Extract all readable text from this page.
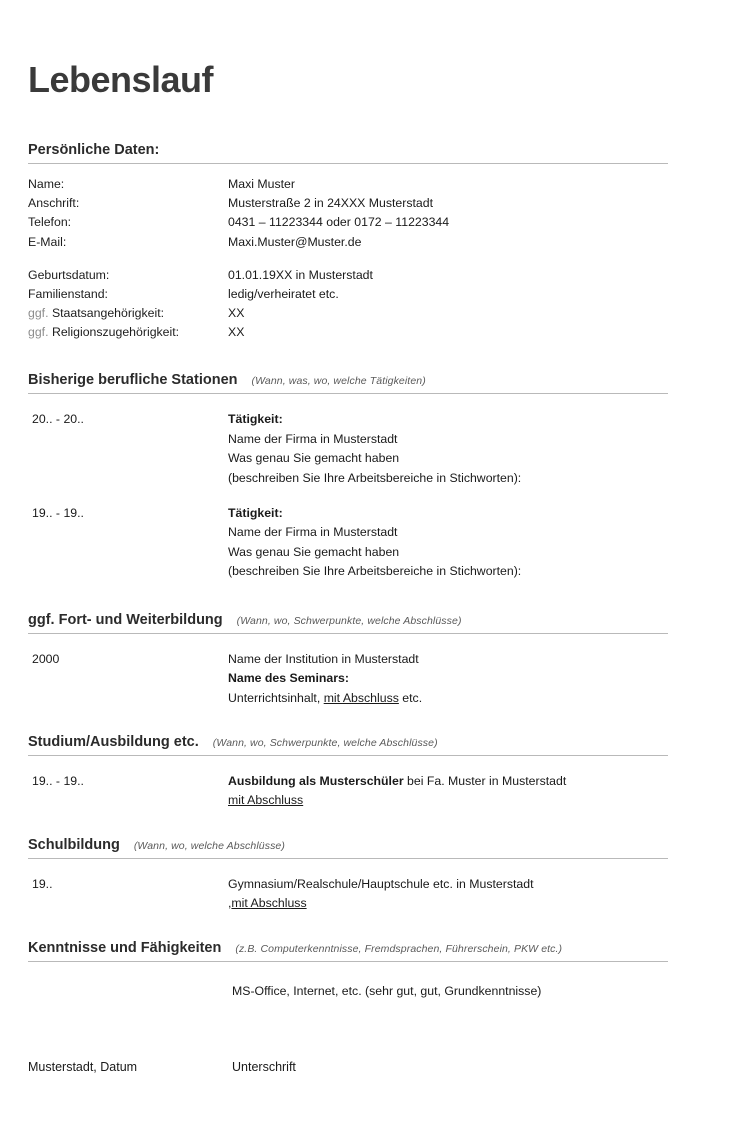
Lebenslauf
Persönliche Daten:
Name:	Maxi Muster
Anschrift:	Musterstraße 2 in 24XXX Musterstadt
Telefon:	0431 – 11223344 oder 0172 – 11223344
E-Mail:	Maxi.Muster@Muster.de
Geburtsdatum:	01.01.19XX in Musterstadt
Familienstand:	ledig/verheiratet etc.
ggf. Staatsangehörigkeit:	XX
ggf. Religionszugehörigkeit:	XX
Bisherige berufliche Stationen (Wann, was, wo, welche Tätigkeiten)
20.. - 20..	Tätigkeit:
Name der Firma in Musterstadt
Was genau Sie gemacht haben
(beschreiben Sie Ihre Arbeitsbereiche in Stichworten):
19.. - 19..	Tätigkeit:
Name der Firma in Musterstadt
Was genau Sie gemacht haben
(beschreiben Sie Ihre Arbeitsbereiche in Stichworten):
ggf. Fort- und Weiterbildung (Wann, wo, Schwerpunkte, welche Abschlüsse)
2000	Name der Institution in Musterstadt
Name des Seminars:
Unterrichtsinhalt, mit Abschluss etc.
Studium/Ausbildung etc. (Wann, wo, Schwerpunkte, welche Abschlüsse)
19.. - 19..	Ausbildung als Musterschüler bei Fa. Muster in Musterstadt
mit Abschluss
Schulbildung (Wann, wo, welche Abschlüsse)
19..	Gymnasium/Realschule/Hauptschule etc. in Musterstadt
,mit Abschluss
Kenntnisse und Fähigkeiten (z.B. Computerkenntnisse, Fremdsprachen, Führerschein, PKW etc.)
MS-Office, Internet, etc. (sehr gut, gut, Grundkenntnisse)
Musterstadt, Datum	Unterschrift
